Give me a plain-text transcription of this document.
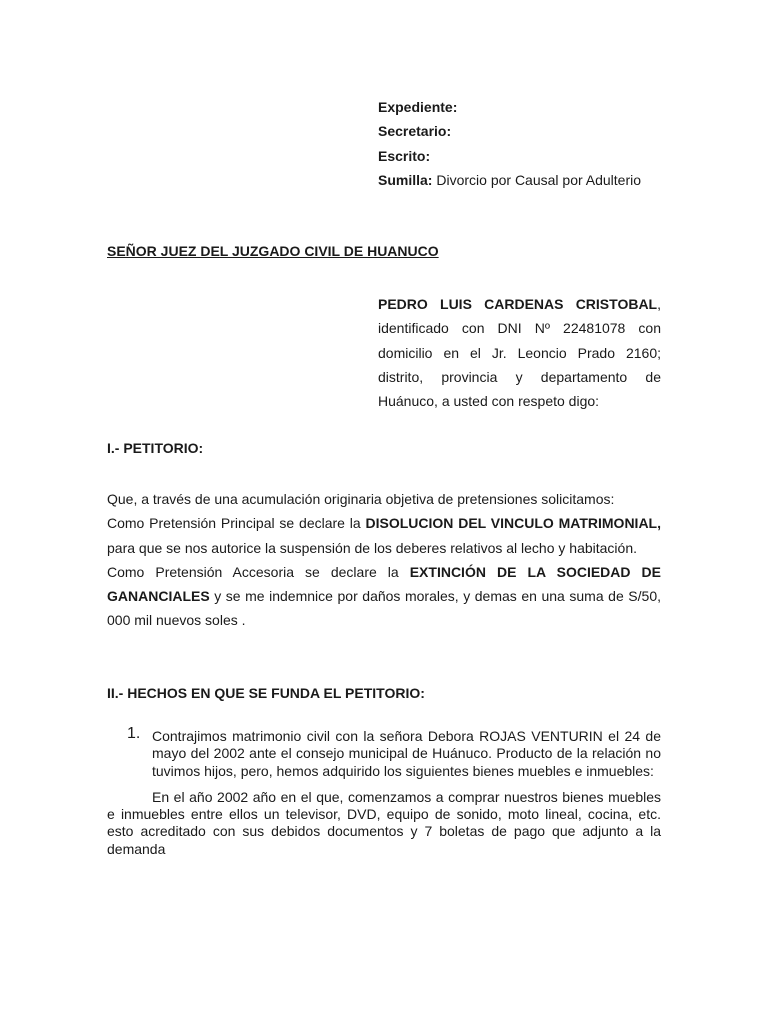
Expediente:
Secretario:
Escrito:
Sumilla: Divorcio por Causal por Adulterio
SEÑOR JUEZ DEL JUZGADO CIVIL DE HUANUCO
PEDRO LUIS CARDENAS CRISTOBAL, identificado con DNI Nº 22481078 con domicilio en el Jr. Leoncio Prado 2160; distrito, provincia y departamento de Huánuco, a usted con respeto digo:
I.- PETITORIO:

Que, a través de una acumulación originaria objetiva de pretensiones solicitamos:

Como Pretensión Principal se declare la DISOLUCION DEL VINCULO MATRIMONIAL, para que se nos autorice la suspensión de los deberes relativos al lecho y habitación.

Como Pretensión Accesoria se declare la EXTINCIÓN DE LA SOCIEDAD DE GANANCIALES y se me indemnice por daños morales, y demas en una suma de S/50, 000 mil nuevos soles .

II.- HECHOS EN QUE SE FUNDA EL PETITORIO:
1. Contrajimos matrimonio civil con la señora Debora ROJAS VENTURIN el 24 de mayo del 2002 ante el consejo municipal de Huánuco. Producto de la relación no tuvimos hijos, pero, hemos adquirido los siguientes bienes muebles e inmuebles:
En el año 2002 año en el que, comenzamos a comprar nuestros bienes muebles e inmuebles entre ellos un televisor, DVD, equipo de sonido, moto lineal, cocina, etc. esto acreditado con sus debidos documentos y 7 boletas de pago que adjunto a la demanda
